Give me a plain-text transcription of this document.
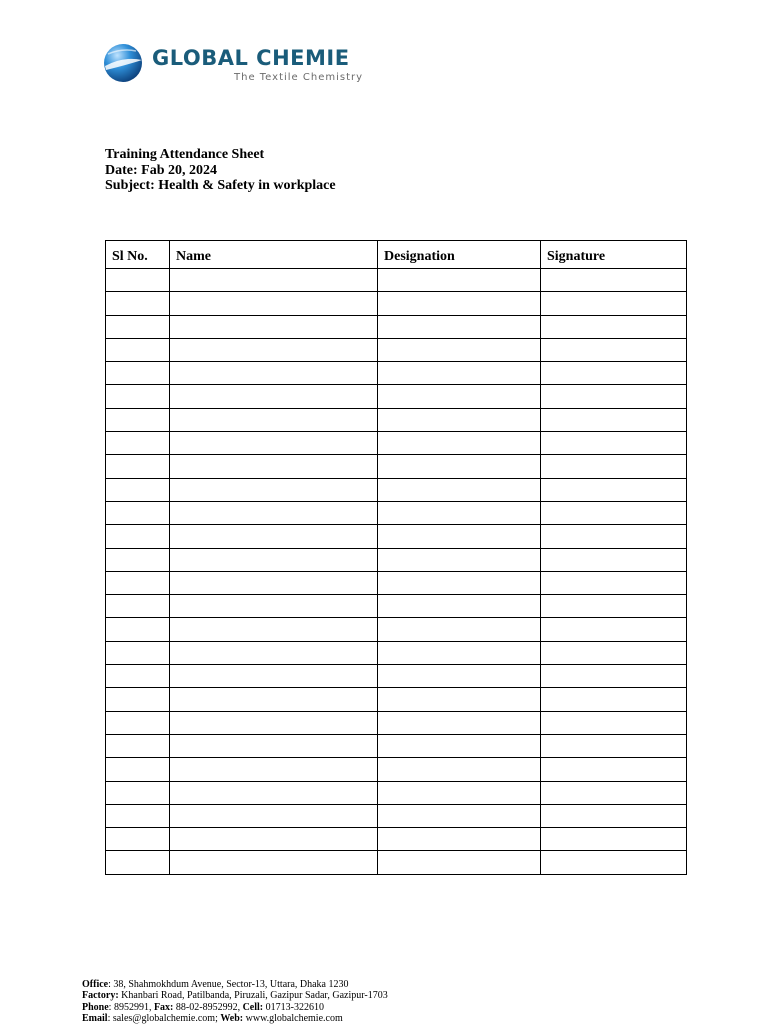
GLOBAL CHEMIE
The Textile Chemistry
Training Attendance Sheet
Date: Fab 20, 2024
Subject: Health & Safety in workplace
Sl No.	Name	Designation	Signature

Office: 38, Shahmokhdum Avenue, Sector-13, Uttara, Dhaka 1230
Factory: Khanbari Road, Patilbanda, Piruzali, Gazipur Sadar, Gazipur-1703
Phone: 8952991, Fax: 88-02-8952992, Cell: 01713-322610
Email: sales@globalchemie.com; Web: www.globalchemie.com
